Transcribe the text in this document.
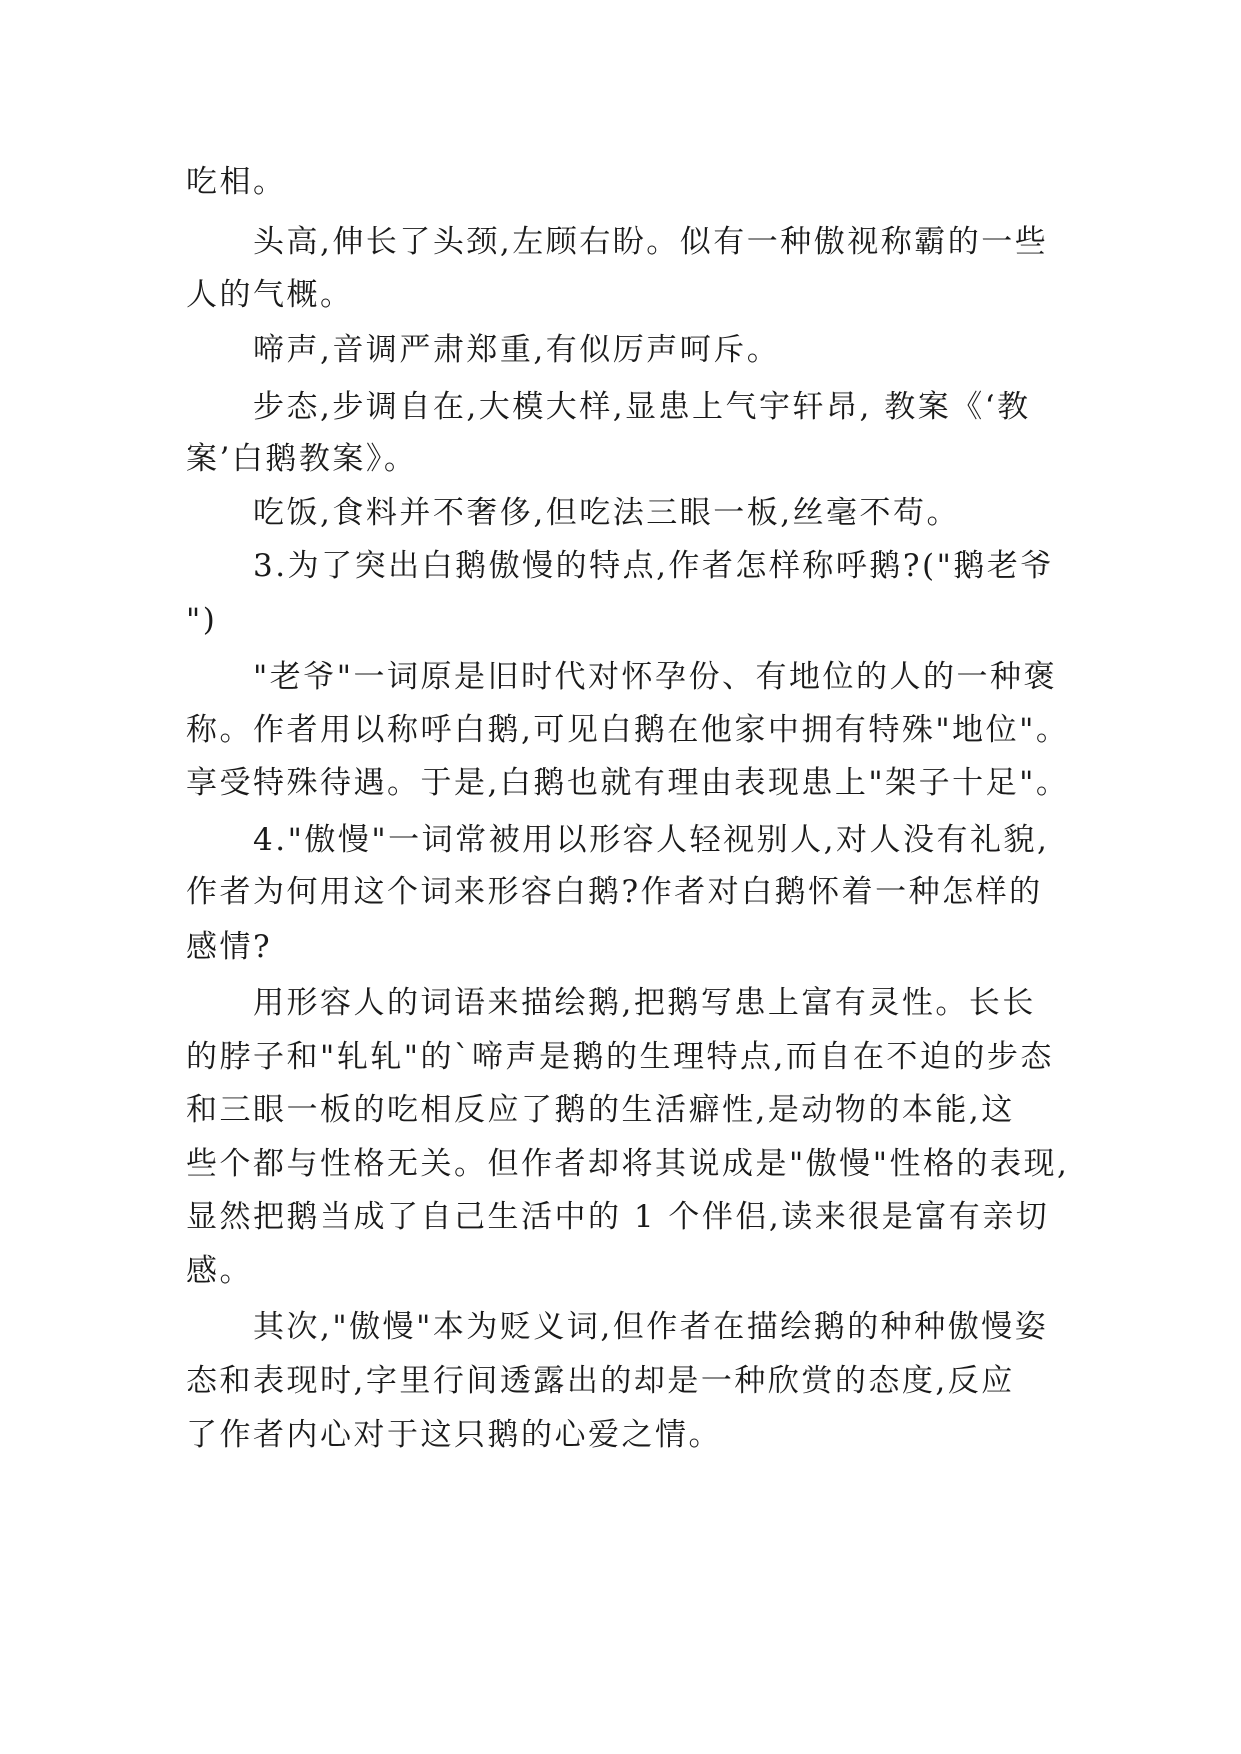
吃相。
头高,伸长了头颈,左顾右盼。似有一种傲视称霸的一些
人的气概。
啼声,音调严肃郑重,有似厉声呵斥。
步态,步调自在,大模大样,显患上气宇轩昂, 教案《‘教
案’白鹅教案》。
吃饭,食料并不奢侈,但吃法三眼一板,丝毫不苟。
3.为了突出白鹅傲慢的特点,作者怎样称呼鹅?("鹅老爷
")
"老爷"一词原是旧时代对怀孕份、有地位的人的一种褒
称。作者用以称呼白鹅,可见白鹅在他家中拥有特殊"地位"。
享受特殊待遇。于是,白鹅也就有理由表现患上"架子十足"。
4."傲慢"一词常被用以形容人轻视别人,对人没有礼貌,
作者为何用这个词来形容白鹅?作者对白鹅怀着一种怎样的
感情?
用形容人的词语来描绘鹅,把鹅写患上富有灵性。长长
的脖子和"轧轧"的`啼声是鹅的生理特点,而自在不迫的步态
和三眼一板的吃相反应了鹅的生活癖性,是动物的本能,这
些个都与性格无关。但作者却将其说成是"傲慢"性格的表现,
显然把鹅当成了自己生活中的 1 个伴侣,读来很是富有亲切
感。
其次,"傲慢"本为贬义词,但作者在描绘鹅的种种傲慢姿
态和表现时,字里行间透露出的却是一种欣赏的态度,反应
了作者内心对于这只鹅的心爱之情。
